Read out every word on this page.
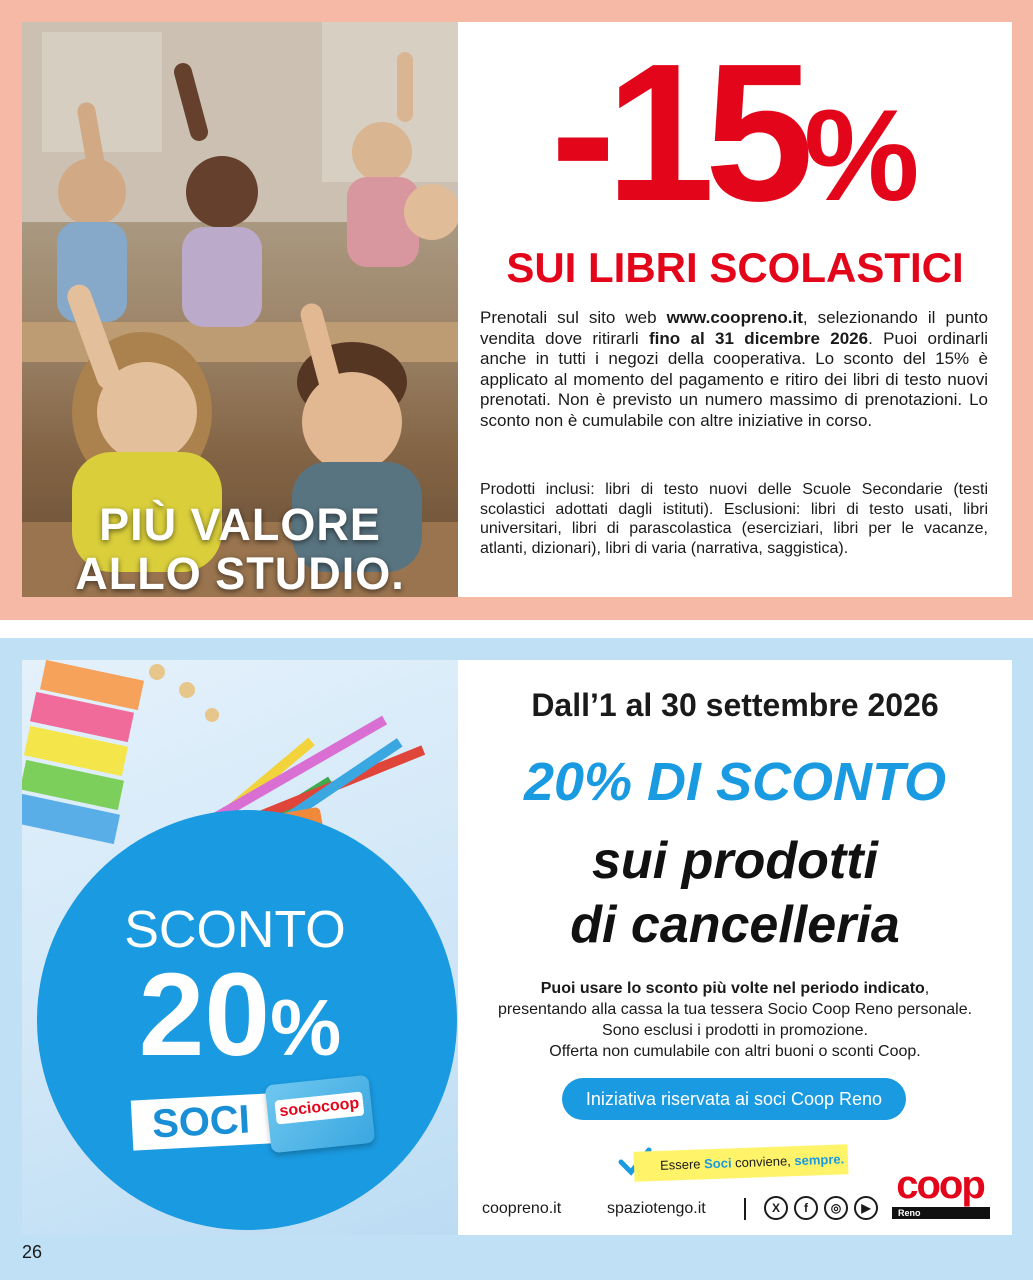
PIÙ VALORE
ALLO STUDIO.
-15%
SUI LIBRI SCOLASTICI

Prenotali sul sito web www.coopreno.it, selezionando il punto vendita dove ritirarli fino al 31 dicembre 2026. Puoi ordinarli anche in tutti i negozi della cooperativa. Lo sconto del 15% è applicato al momento del pagamento e ritiro dei libri di testo nuovi prenotati. Non è previsto un numero massimo di prenotazioni. Lo sconto non è cumulabile con altre iniziative in corso.

Prodotti inclusi: libri di testo nuovi delle Scuole Secondarie (testi scolastici adottati dagli istituti). Esclusioni: libri di testo usati, libri universitari, libri di parascolastica (eserciziari, libri per le vacanze, atlanti, dizionari), libri di varia (narrativa, saggistica).

SCONTO
20%
SOCI	sociocoop
Dall’1 al 30 settembre 2026
20% DI SCONTO
sui prodotti
di cancelleria
Puoi usare lo sconto più volte nel periodo indicato,
presentando alla cassa la tua tessera Socio Coop Reno personale.
Sono esclusi i prodotti in promozione.
Offerta non cumulabile con altri buoni o sconti Coop.
Iniziativa riservata ai soci Coop Reno
Essere Soci conviene, sempre.
coopreno.it	spaziotengo.it	X	f	◎	▶
coop
Reno
26
